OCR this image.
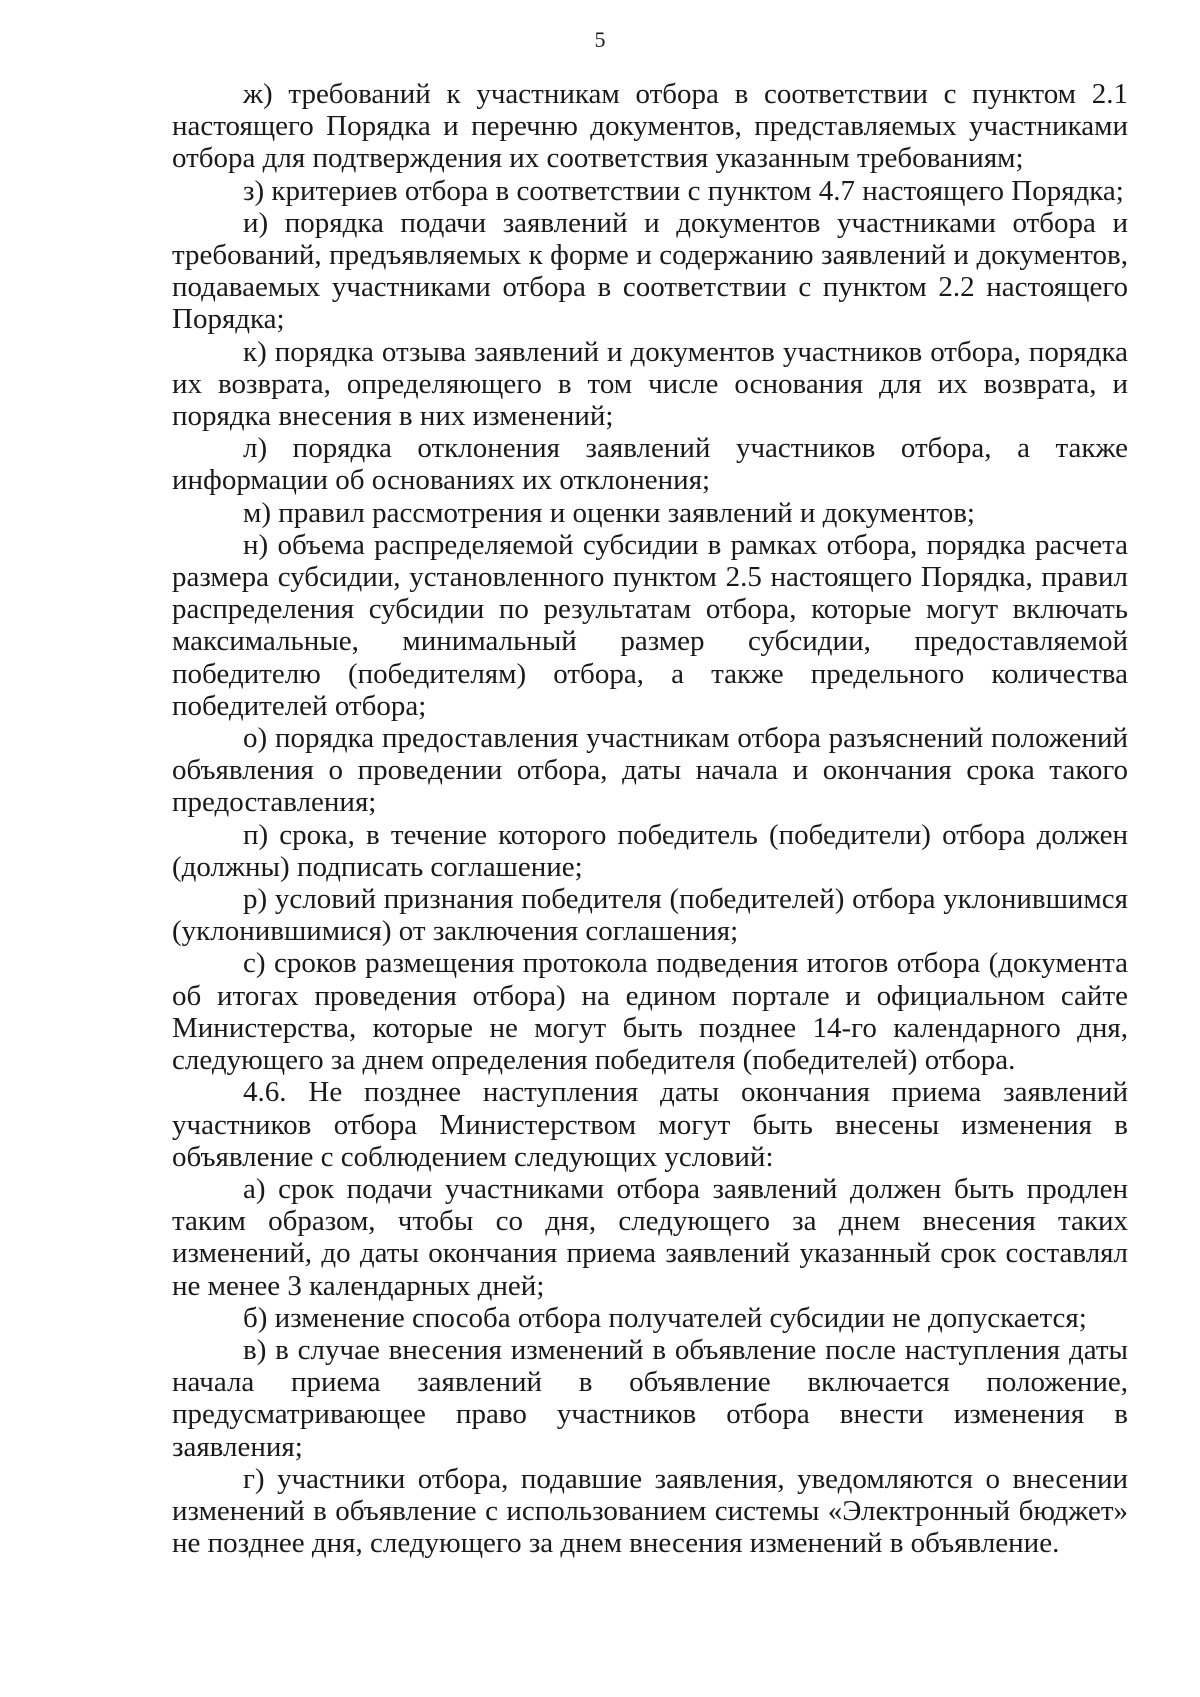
5

ж) требований к участникам отбора в соответствии с пунктом 2.1 настоящего Порядка и перечню документов, представляемых участниками отбора для подтверждения их соответствия указанным требованиям;

з) критериев отбора в соответствии с пунктом 4.7 настоящего Порядка;

и) порядка подачи заявлений и документов участниками отбора и требований, предъявляемых к форме и содержанию заявлений и документов, подаваемых участниками отбора в соответствии с пунктом 2.2 настоящего Порядка;

к) порядка отзыва заявлений и документов участников отбора, порядка их возврата, определяющего в том числе основания для их возврата, и порядка внесения в них изменений;

л) порядка отклонения заявлений участников отбора, а также информации об основаниях их отклонения;

м) правил рассмотрения и оценки заявлений и документов;

н) объема распределяемой субсидии в рамках отбора, порядка расчета размера субсидии, установленного пунктом 2.5 настоящего Порядка, правил распределения субсидии по результатам отбора, которые могут включать максимальные, минимальный размер субсидии, предоставляемой победителю (победителям) отбора, а также предельного количества победителей отбора;

о) порядка предоставления участникам отбора разъяснений положений объявления о проведении отбора, даты начала и окончания срока такого предоставления;

п) срока, в течение которого победитель (победители) отбора должен (должны) подписать соглашение;

р) условий признания победителя (победителей) отбора уклонившимся (уклонившимися) от заключения соглашения;

с) сроков размещения протокола подведения итогов отбора (документа об итогах проведения отбора) на едином портале и официальном сайте Министерства, которые не могут быть позднее 14-го календарного дня, следующего за днем определения победителя (победителей) отбора.

4.6. Не позднее наступления даты окончания приема заявлений участников отбора Министерством могут быть внесены изменения в объявление с соблюдением следующих условий:

а) срок подачи участниками отбора заявлений должен быть продлен таким образом, чтобы со дня, следующего за днем внесения таких изменений, до даты окончания приема заявлений указанный срок составлял не менее 3 календарных дней;

б) изменение способа отбора получателей субсидии не допускается;

в) в случае внесения изменений в объявление после наступления даты начала приема заявлений в объявление включается положение, предусматривающее право участников отбора внести изменения в заявления;

г) участники отбора, подавшие заявления, уведомляются о внесении изменений в объявление с использованием системы «Электронный бюджет» не позднее дня, следующего за днем внесения изменений в объявление.
